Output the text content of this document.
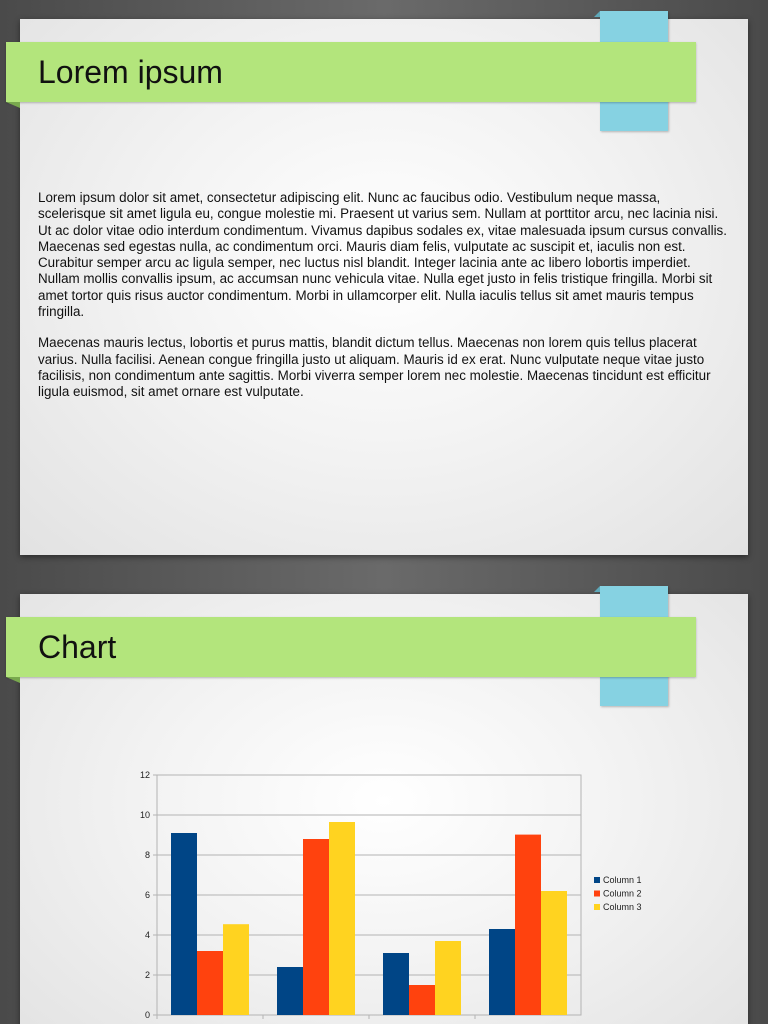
Lorem ipsum

Lorem ipsum dolor sit amet, consectetur adipiscing elit. Nunc ac faucibus odio. Vestibulum neque massa, scelerisque sit amet ligula eu, congue molestie mi. Praesent ut varius sem. Nullam at porttitor arcu, nec lacinia nisi. Ut ac dolor vitae odio interdum condimentum. Vivamus dapibus sodales ex, vitae malesuada ipsum cursus convallis. Maecenas sed egestas nulla, ac condimentum orci. Mauris diam felis, vulputate ac suscipit et, iaculis non est. Curabitur semper arcu ac ligula semper, nec luctus nisl blandit. Integer lacinia ante ac libero lobortis imperdiet. Nullam mollis convallis ipsum, ac accumsan nunc vehicula vitae. Nulla eget justo in felis tristique fringilla. Morbi sit amet tortor quis risus auctor condimentum. Morbi in ullamcorper elit. Nulla iaculis tellus sit amet mauris tempus fringilla.

Maecenas mauris lectus, lobortis et purus mattis, blandit dictum tellus. Maecenas non lorem quis tellus placerat varius. Nulla facilisi. Aenean congue fringilla justo ut aliquam. Mauris id ex erat. Nunc vulputate neque vitae justo facilisis, non condimentum ante sagittis. Morbi viverra semper lorem nec molestie. Maecenas tincidunt est efficitur ligula euismod, sit amet ornare est vulputate.

Chart
0
2
4
6
8
10
12
Column 1
Column 2
Column 3
